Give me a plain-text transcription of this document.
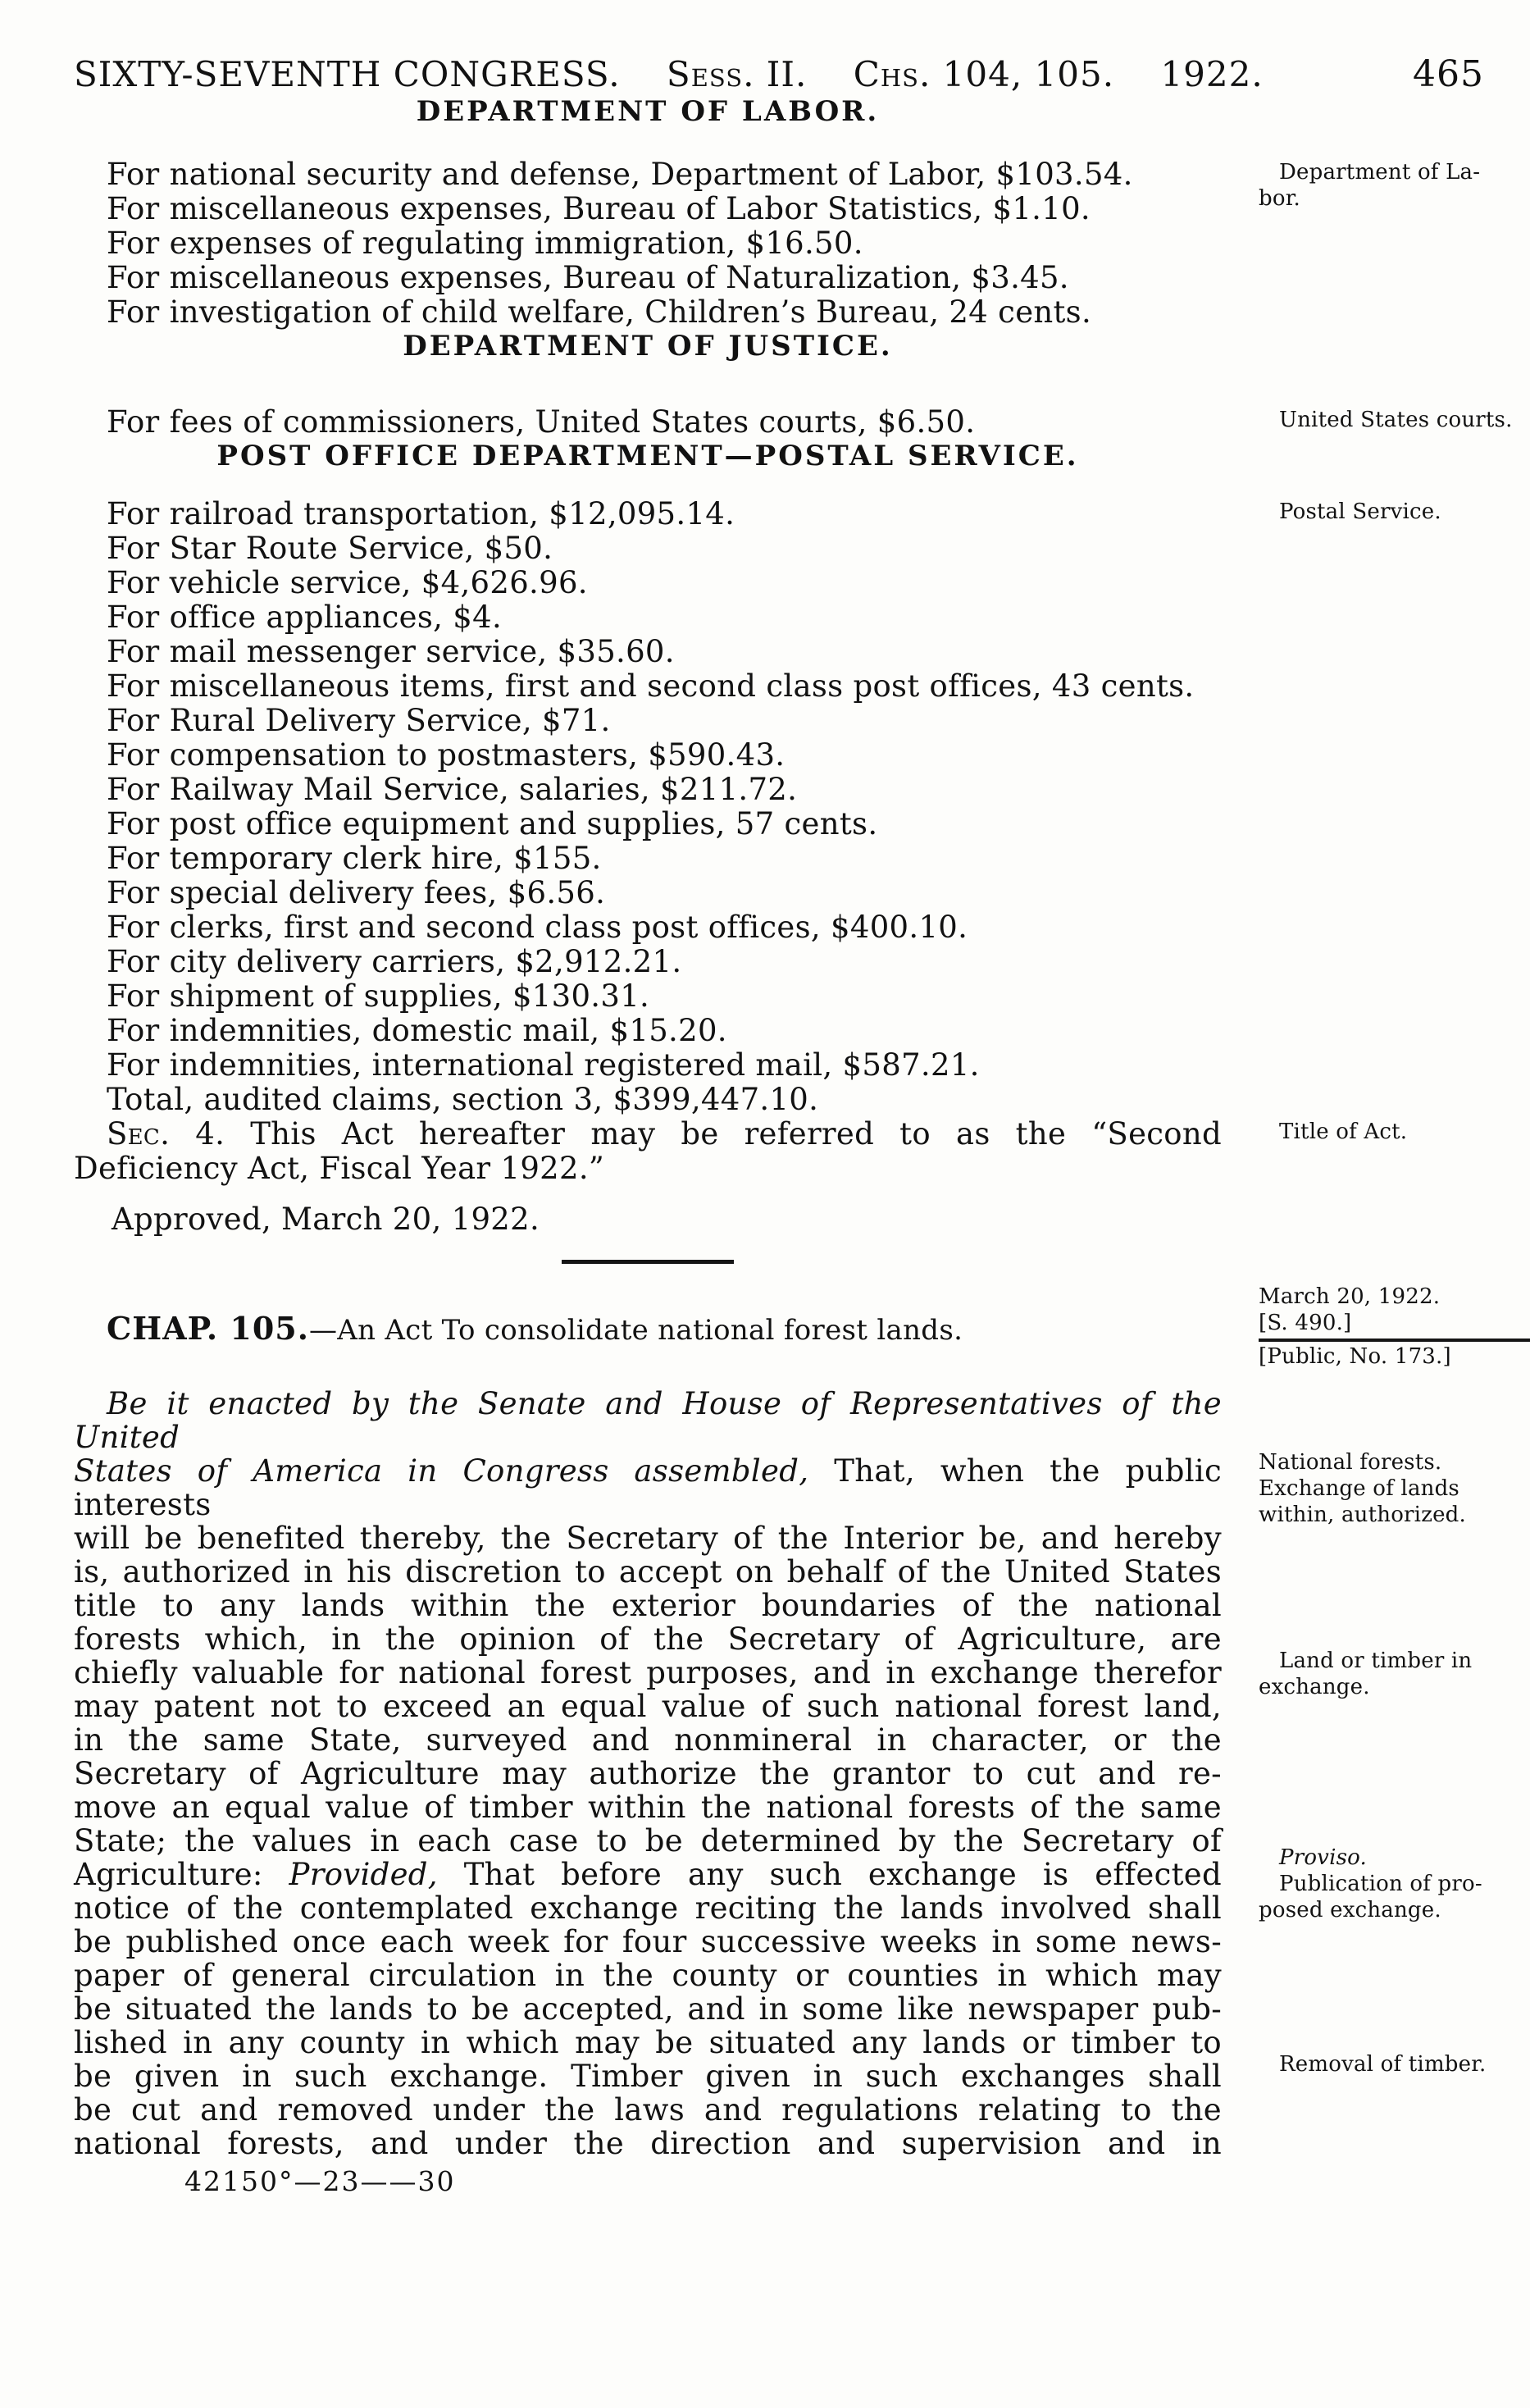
SIXTY-SEVENTH CONGRESS. Sess. II. Chs. 104, 105. 1922.	465
DEPARTMENT OF LABOR.
For national security and defense, Department of Labor, $103.54.	Department of La-
bor.
For miscellaneous expenses, Bureau of Labor Statistics, $1.10.
For expenses of regulating immigration, $16.50.
For miscellaneous expenses, Bureau of Naturalization, $3.45.
For investigation of child welfare, Children’s Bureau, 24 cents.
DEPARTMENT OF JUSTICE.
For fees of commissioners, United States courts, $6.50.	United States courts.
POST OFFICE DEPARTMENT—POSTAL SERVICE.
For railroad transportation, $12,095.14.	Postal Service.
For Star Route Service, $50.
For vehicle service, $4,626.96.
For office appliances, $4.
For mail messenger service, $35.60.
For miscellaneous items, first and second class post offices, 43 cents.
For Rural Delivery Service, $71.
For compensation to postmasters, $590.43.
For Railway Mail Service, salaries, $211.72.
For post office equipment and supplies, 57 cents.
For temporary clerk hire, $155.
For special delivery fees, $6.56.
For clerks, first and second class post offices, $400.10.
For city delivery carriers, $2,912.21.
For shipment of supplies, $130.31.
For indemnities, domestic mail, $15.20.
For indemnities, international registered mail, $587.21.
Total, audited claims, section 3, $399,447.10.
Sec. 4. This Act hereafter may be referred to as the “Second	Title of Act.
Deficiency Act, Fiscal Year 1922.”
Approved, March 20, 1922.
CHAP. 105.—An Act To consolidate national forest lands.
March 20, 1922.
[S. 490.]
[Public, No. 173.]
Be it enacted by the Senate and House of Representatives of the United
States of America in Congress assembled, That, when the public interests
National forests.
Exchange of lands
within, authorized.
will be benefited thereby, the Secretary of the Interior be, and hereby
is, authorized in his discretion to accept on behalf of the United States
title to any lands within the exterior boundaries of the national
forests which, in the opinion of the Secretary of Agriculture, are
chiefly valuable for national forest purposes, and in exchange therefor	Land or timber in
exchange.
may patent not to exceed an equal value of such national forest land,
in the same State, surveyed and nonmineral in character, or the
Secretary of Agriculture may authorize the grantor to cut and re-
move an equal value of timber within the national forests of the same
State; the values in each case to be determined by the Secretary of
Agriculture: Provided, That before any such exchange is effected	Proviso.
Publication of pro-
posed exchange.
notice of the contemplated exchange reciting the lands involved shall
be published once each week for four successive weeks in some news-
paper of general circulation in the county or counties in which may
be situated the lands to be accepted, and in some like newspaper pub-
lished in any county in which may be situated any lands or timber to
be given in such exchange. Timber given in such exchanges shall	Removal of timber.
be cut and removed under the laws and regulations relating to the
national forests, and under the direction and supervision and in
42150°—23——30
